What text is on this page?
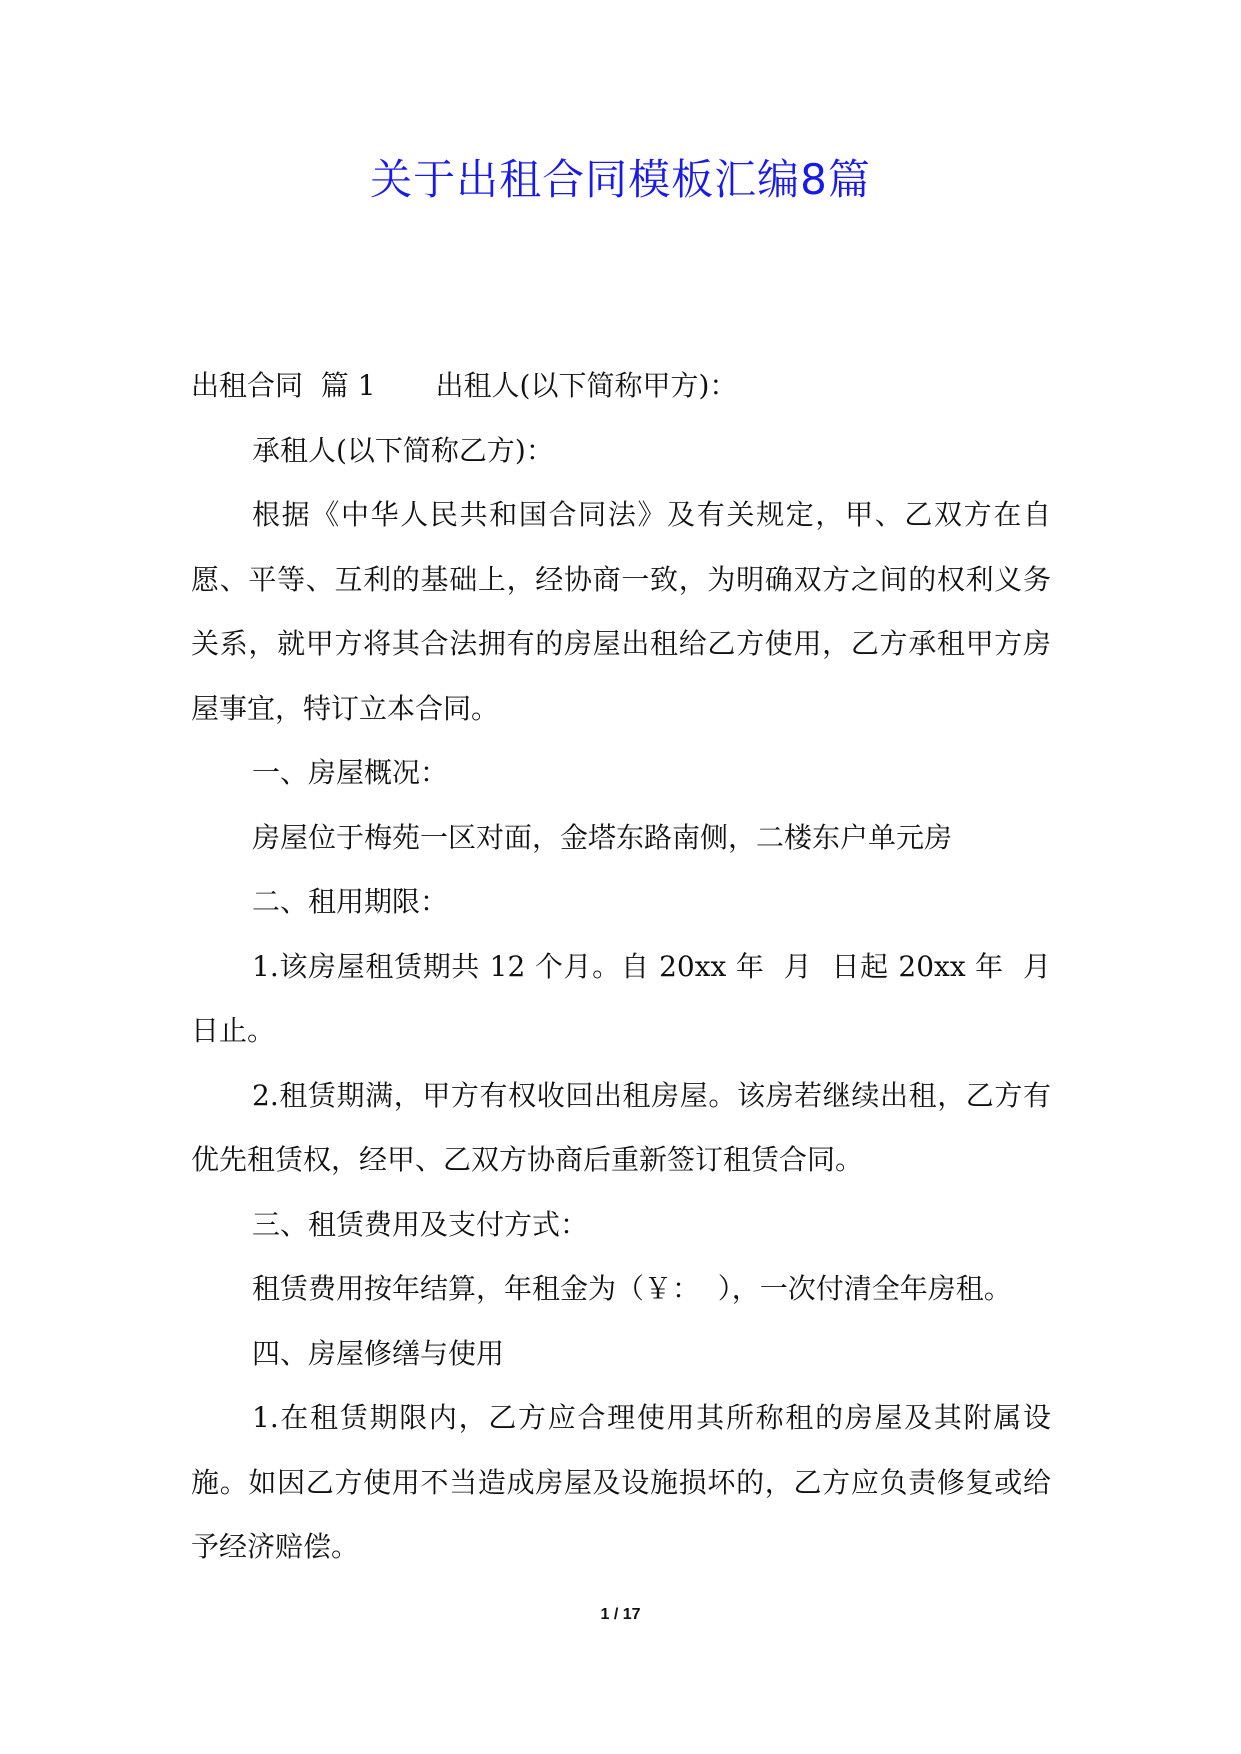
关于出租合同模板汇编8篇

出租合同  篇 1 出租人(以下简称甲方)：

承租人(以下简称乙方)：

根据《中华人民共和国合同法》及有关规定，甲、乙双方在自愿、平等、互利的基础上，经协商一致，为明确双方之间的权利义务关系，就甲方将其合法拥有的房屋出租给乙方使用，乙方承租甲方房屋事宜，特订立本合同。

一、房屋概况：

房屋位于梅苑一区对面，金塔东路南侧，二楼东户单元房

二、租用期限：

1.该房屋租赁期共 12 个月。自 20xx 年  月  日起 20xx 年  月  日止。

2.租赁期满，甲方有权收回出租房屋。该房若继续出租，乙方有优先租赁权，经甲、乙双方协商后重新签订租赁合同。

三、租赁费用及支付方式：

租赁费用按年结算，年租金为（￥：  ），一次付清全年房租。

四、房屋修缮与使用

1.在租赁期限内，乙方应合理使用其所称租的房屋及其附属设施。如因乙方使用不当造成房屋及设施损坏的，乙方应负责修复或给予经济赔偿。

1 / 17
